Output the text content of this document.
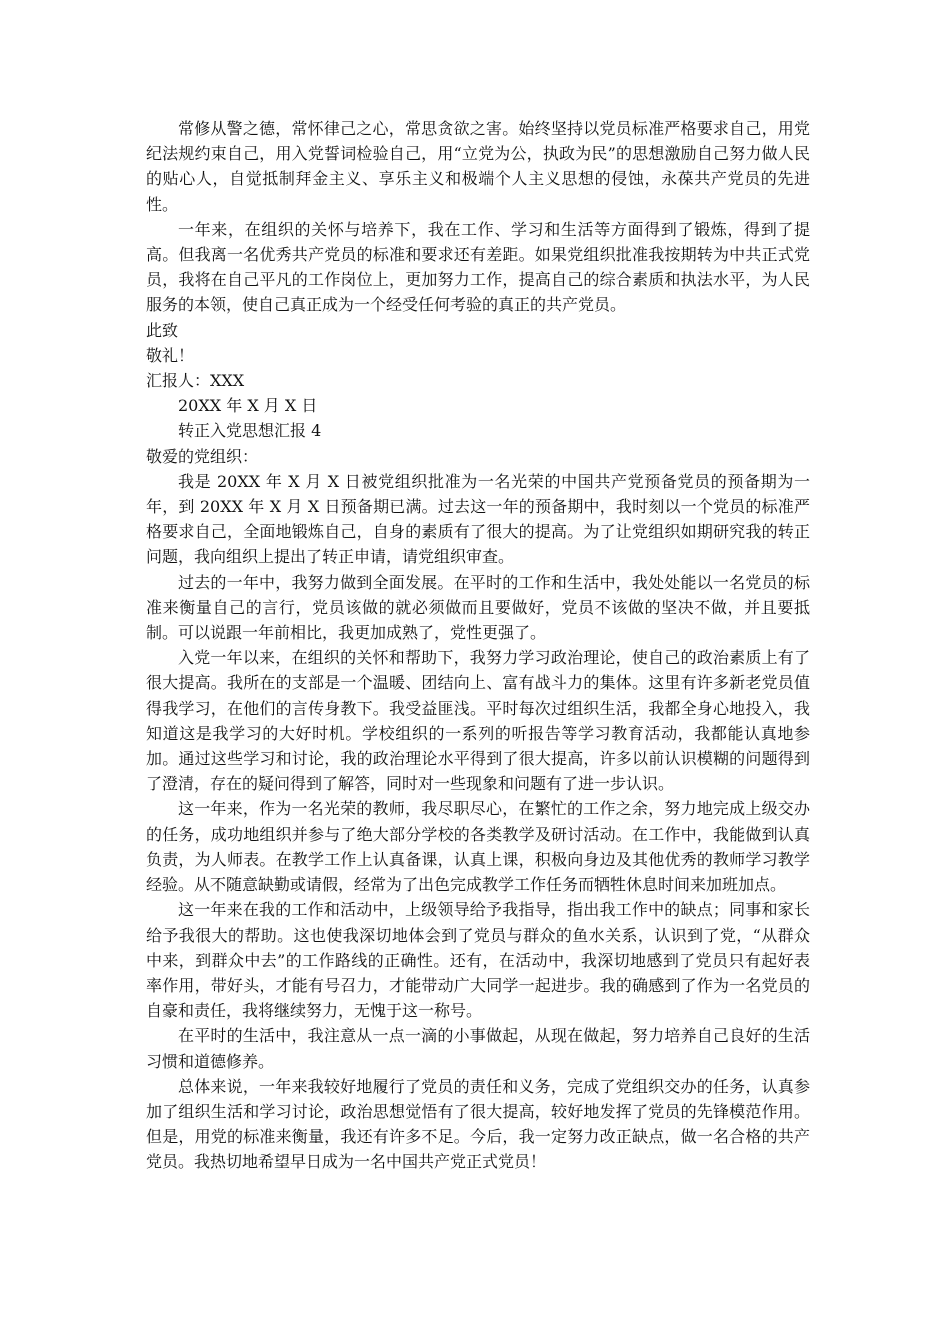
常修从警之德，常怀律己之心，常思贪欲之害。始终坚持以党员标准严格要求自己，用党纪法规约束自己，用入党誓词检验自己，用“立党为公，执政为民”的思想激励自己努力做人民的贴心人，自觉抵制拜金主义、享乐主义和极端个人主义思想的侵蚀，永葆共产党员的先进性。

一年来，在组织的关怀与培养下，我在工作、学习和生活等方面得到了锻炼，得到了提高。但我离一名优秀共产党员的标准和要求还有差距。如果党组织批准我按期转为中共正式党员，我将在自己平凡的工作岗位上，更加努力工作，提高自己的综合素质和执法水平，为人民服务的本领，使自己真正成为一个经受任何考验的真正的共产党员。

此致

敬礼！

汇报人：XXX

20XX 年 X 月 X 日

转正入党思想汇报 4

敬爱的党组织：

我是 20XX 年 X 月 X 日被党组织批准为一名光荣的中国共产党预备党员的预备期为一年，到 20XX 年 X 月 X 日预备期已满。过去这一年的预备期中，我时刻以一个党员的标准严格要求自己，全面地锻炼自己，自身的素质有了很大的提高。为了让党组织如期研究我的转正问题，我向组织上提出了转正申请，请党组织审查。

过去的一年中，我努力做到全面发展。在平时的工作和生活中，我处处能以一名党员的标准来衡量自己的言行，党员该做的就必须做而且要做好，党员不该做的坚决不做，并且要抵制。可以说跟一年前相比，我更加成熟了，党性更强了。

入党一年以来，在组织的关怀和帮助下，我努力学习政治理论，使自己的政治素质上有了很大提高。我所在的支部是一个温暖、团结向上、富有战斗力的集体。这里有许多新老党员值得我学习，在他们的言传身教下。我受益匪浅。平时每次过组织生活，我都全身心地投入，我知道这是我学习的大好时机。学校组织的一系列的听报告等学习教育活动，我都能认真地参加。通过这些学习和讨论，我的政治理论水平得到了很大提高，许多以前认识模糊的问题得到了澄清，存在的疑问得到了解答，同时对一些现象和问题有了进一步认识。

这一年来，作为一名光荣的教师，我尽职尽心，在繁忙的工作之余，努力地完成上级交办的任务，成功地组织并参与了绝大部分学校的各类教学及研讨活动。在工作中，我能做到认真负责，为人师表。在教学工作上认真备课，认真上课，积极向身边及其他优秀的教师学习教学经验。从不随意缺勤或请假，经常为了出色完成教学工作任务而牺牲休息时间来加班加点。

这一年来在我的工作和活动中，上级领导给予我指导，指出我工作中的缺点；同事和家长给予我很大的帮助。这也使我深切地体会到了党员与群众的鱼水关系，认识到了党，“从群众中来，到群众中去”的工作路线的正确性。还有，在活动中，我深切地感到了党员只有起好表率作用，带好头，才能有号召力，才能带动广大同学一起进步。我的确感到了作为一名党员的自豪和责任，我将继续努力，无愧于这一称号。

在平时的生活中，我注意从一点一滴的小事做起，从现在做起，努力培养自己良好的生活习惯和道德修养。

总体来说，一年来我较好地履行了党员的责任和义务，完成了党组织交办的任务，认真参加了组织生活和学习讨论，政治思想觉悟有了很大提高，较好地发挥了党员的先锋模范作用。但是，用党的标准来衡量，我还有许多不足。今后，我一定努力改正缺点，做一名合格的共产党员。我热切地希望早日成为一名中国共产党正式党员！
